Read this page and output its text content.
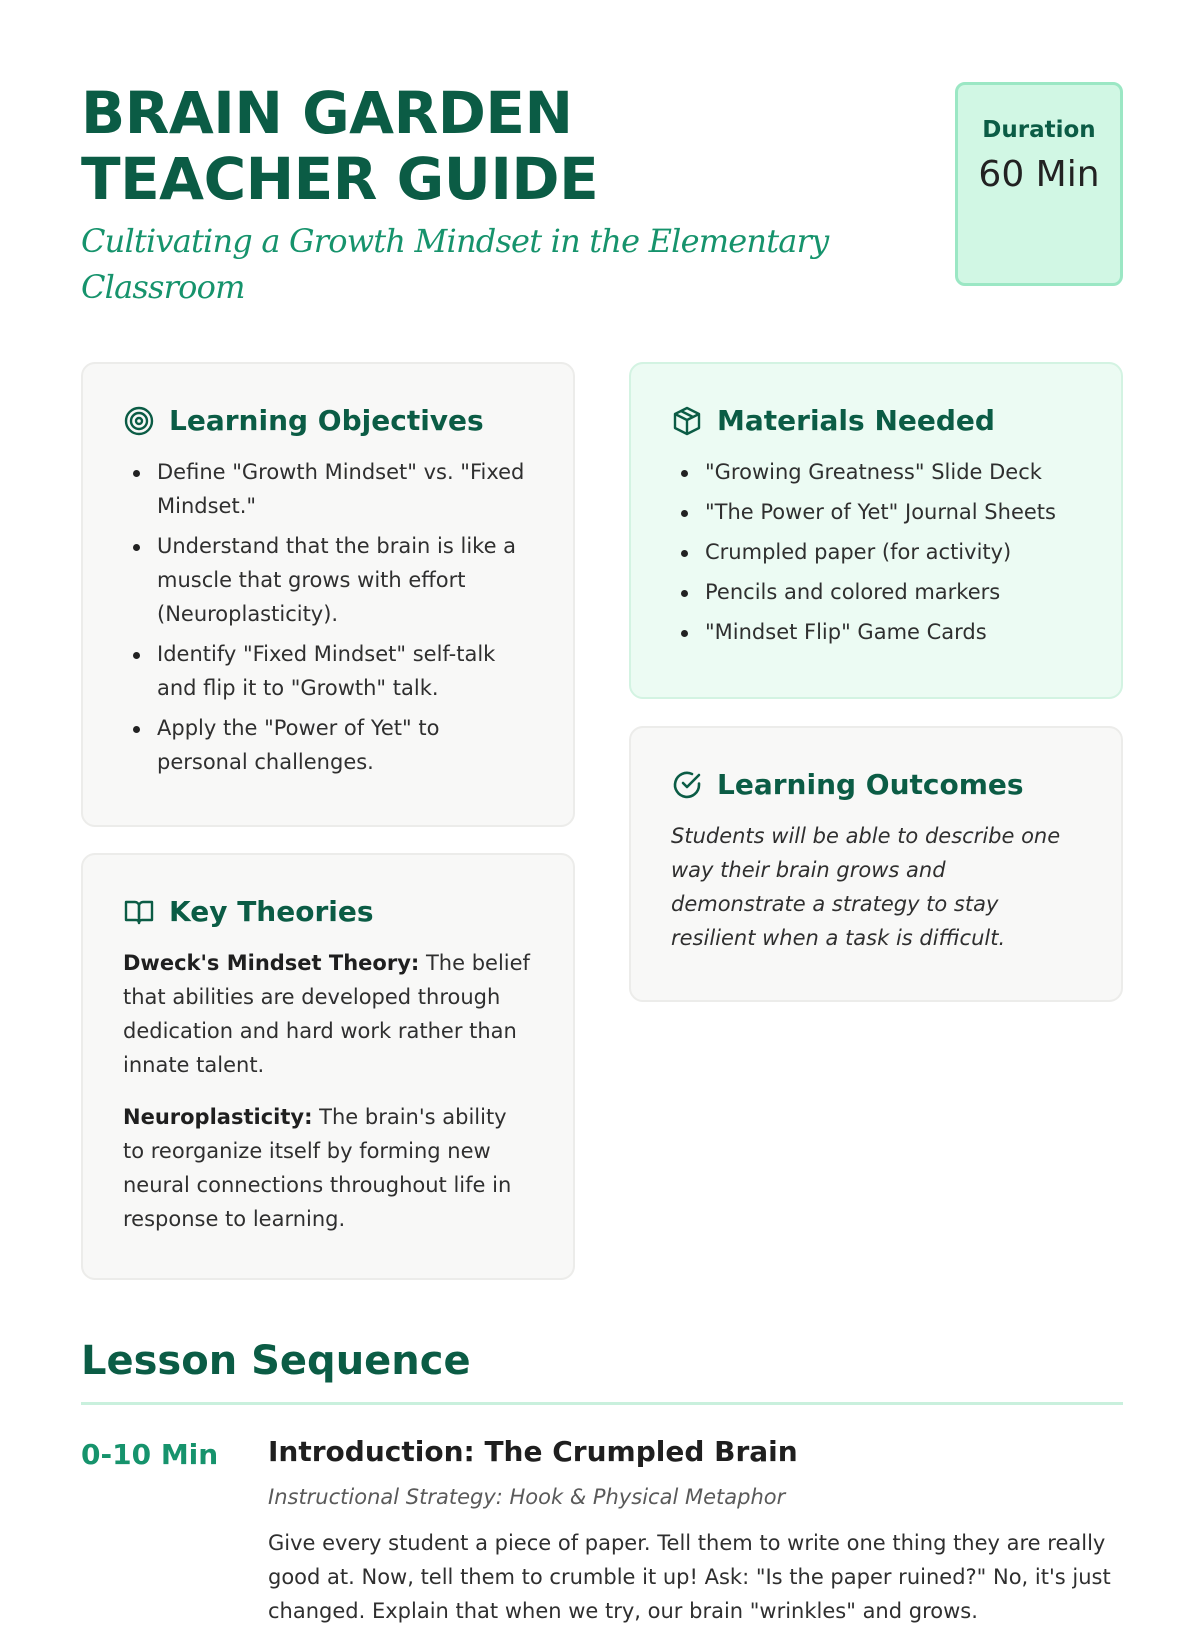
BRAIN GARDEN TEACHER GUIDE
Cultivating a Growth Mindset in the Elementary Classroom
Duration
60 Min
Learning Objectives
Define "Growth Mindset" vs. "Fixed Mindset."
Understand that the brain is like a muscle that grows with effort (Neuroplasticity).
Identify "Fixed Mindset" self-talk and flip it to "Growth" talk.
Apply the "Power of Yet" to personal challenges.
Materials Needed
"Growing Greatness" Slide Deck
"The Power of Yet" Journal Sheets
Crumpled paper (for activity)
Pencils and colored markers
"Mindset Flip" Game Cards
Learning Outcomes

Students will be able to describe one way their brain grows and demonstrate a strategy to stay resilient when a task is difficult.

Key Theories

Dweck's Mindset Theory: The belief that abilities are developed through dedication and hard work rather than innate talent.

Neuroplasticity: The brain's ability to reorganize itself by forming new neural connections throughout life in response to learning.

Lesson Sequence
0-10 Min Introduction: The Crumpled Brain
Instructional Strategy: Hook & Physical Metaphor

Give every student a piece of paper. Tell them to write one thing they are really good at. Now, tell them to crumble it up! Ask: "Is the paper ruined?" No, it's just changed. Explain that when we try, our brain "wrinkles" and grows.
